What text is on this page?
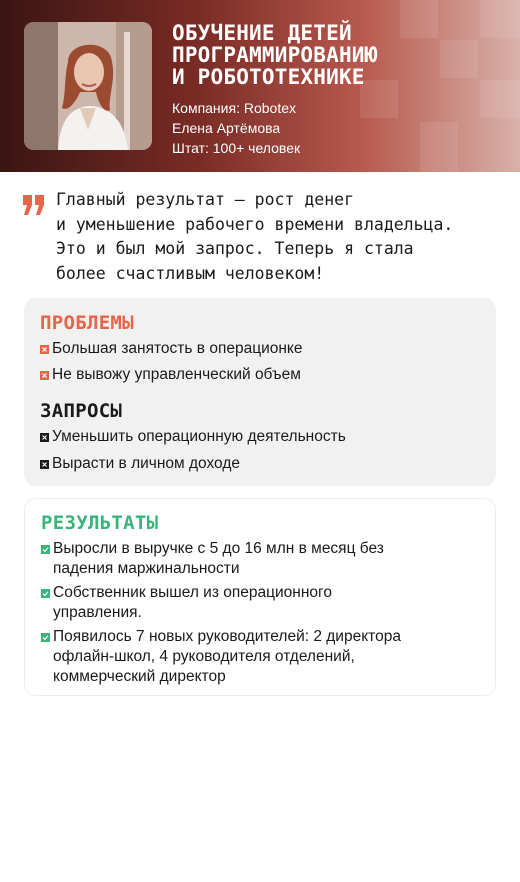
ОБУЧЕНИЕ ДЕТЕЙ
ПРОГРАММИРОВАНИЮ
И РОБОТОТЕХНИКЕ
Компания: Robotex
Елена Артёмова
Штат: 100+ человек
Главный результат — рост денег
и уменьшение рабочего времени владельца.
Это и был мой запрос. Теперь я стала
более счастливым человеком!
ПРОБЛЕМЫ
Большая занятость в операционке
Не вывожу управленческий объем
ЗАПРОСЫ
Уменьшить операционную деятельность
Вырасти в личном доходе
РЕЗУЛЬТАТЫ
Выросли в выручке с 5 до 16 млн в месяц без
падения маржинальности
Собственник вышел из операционного
управления.
Появилось 7 новых руководителей: 2 директора
офлайн-школ, 4 руководителя отделений,
коммерческий директор
